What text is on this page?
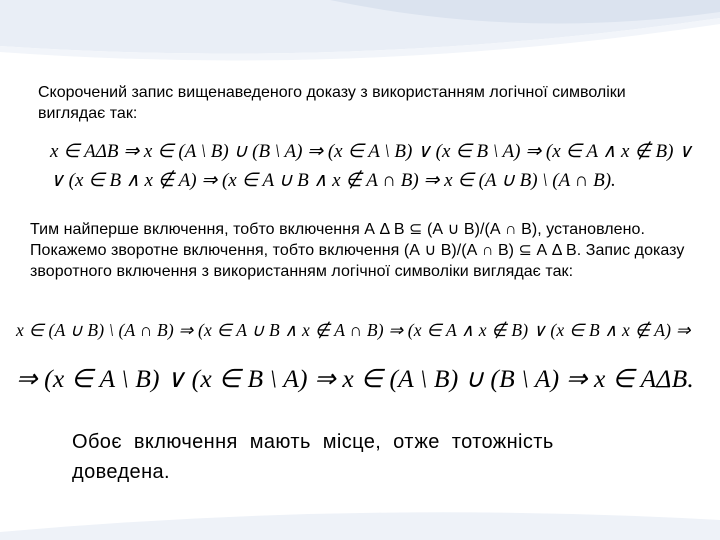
Скорочений запис вищенаведеного доказу з використанням логічної символіки виглядає так:
x ∈ AΔB ⇒ x ∈ (A \ B) ∪ (B \ A) ⇒ (x ∈ A \ B) ∨ (x ∈ B \ A) ⇒ (x ∈ A ∧ x ∉ B) ∨
∨ (x ∈ B ∧ x ∉ A) ⇒ (x ∈ A ∪ B ∧ x ∉ A ∩ B) ⇒ x ∈ (A ∪ B) \ (A ∩ B).
Тим найперше включення, тобто включення А Δ В ⊆ (А ∪ В)/(А ∩ В), установлено. Покажемо зворотне включення, тобто включення (А ∪ В)/(А ∩ В) ⊆ А Δ В. Запис доказу зворотного включення з використанням логічної символіки виглядає так:
x ∈ (A ∪ B) \ (A ∩ B) ⇒ (x ∈ A ∪ B ∧ x ∉ A ∩ B) ⇒ (x ∈ A ∧ x ∉ B) ∨ (x ∈ B ∧ x ∉ A) ⇒
⇒ (x ∈ A \ B) ∨ (x ∈ B \ A) ⇒ x ∈ (A \ B) ∪ (B \ A) ⇒ x ∈ AΔB.
Обоє включення мають місце, отже тотожність доведена.
